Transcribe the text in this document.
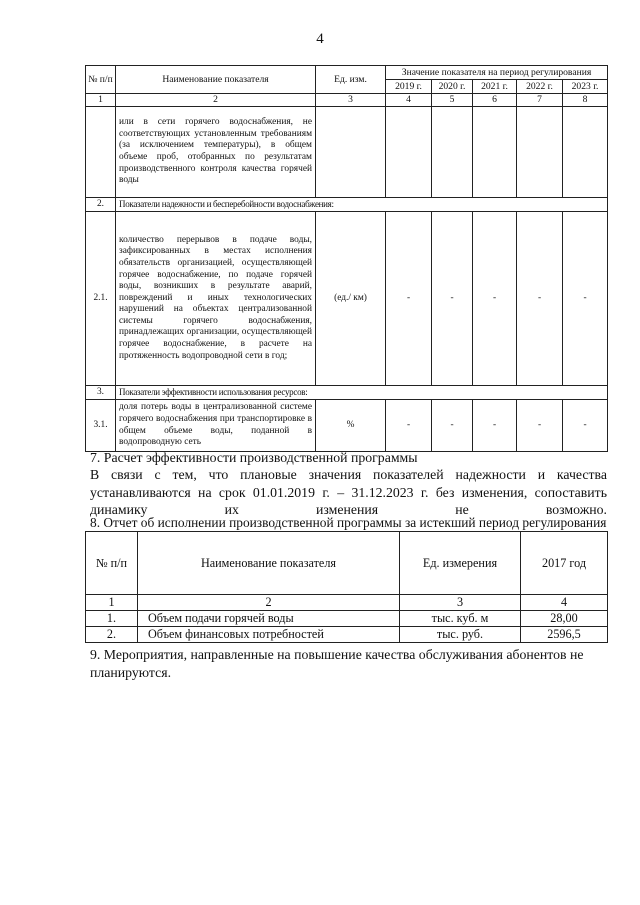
4
№ п/п	Наименование показателя	Ед. изм.	Значение показателя на период регулирования				
			2019 г.	2020 г.	2021 г.	2022 г.	2023 г.
1	2	3	4	5	6	7	8
	или в сети горячего водоснабжения, не соответствующих установленным требованиям (за исключением температуры), в общем объеме проб, отобранных по результатам производственного контроля качества горячей воды						
2.	Показатели надежности и бесперебойности водоснабжения:						
2.1.	количество перерывов в подаче воды, зафиксированных в местах исполнения обязательств организацией, осуществляющей горячее водоснабжение, по подаче горячей воды, возникших в результате аварий, повреждений и иных технологических нарушений на объектах централизованной системы горячего водоснабжения, принадлежащих организации, осуществляющей горячее водоснабжение, в расчете на протяженность водопроводной сети в год;	(ед./ км)	-	-	-	-	-
3.	Показатели эффективности использования ресурсов:						
3.1.	доля потерь воды в централизованной системе горячего водоснабжения при транспортировке в общем объеме воды, поданной в водопроводную сеть	%	-	-	-	-	-
7. Расчет эффективности производственной программы
В связи с тем, что плановые значения показателей надежности и качества устанавливаются на срок 01.01.2019 г. – 31.12.2023 г. без изменения, сопоставить динамику их изменения не возможно.
8. Отчет об исполнении производственной программы за истекший период регулирования
№ п/п	Наименование показателя	Ед. измерения	2017 год
1	2	3	4
1.	Объем подачи горячей воды	тыс. куб. м	28,00
2.	Объем финансовых потребностей	тыс. руб.	2596,5
9. Мероприятия, направленные на повышение качества обслуживания абонентов не планируются.
